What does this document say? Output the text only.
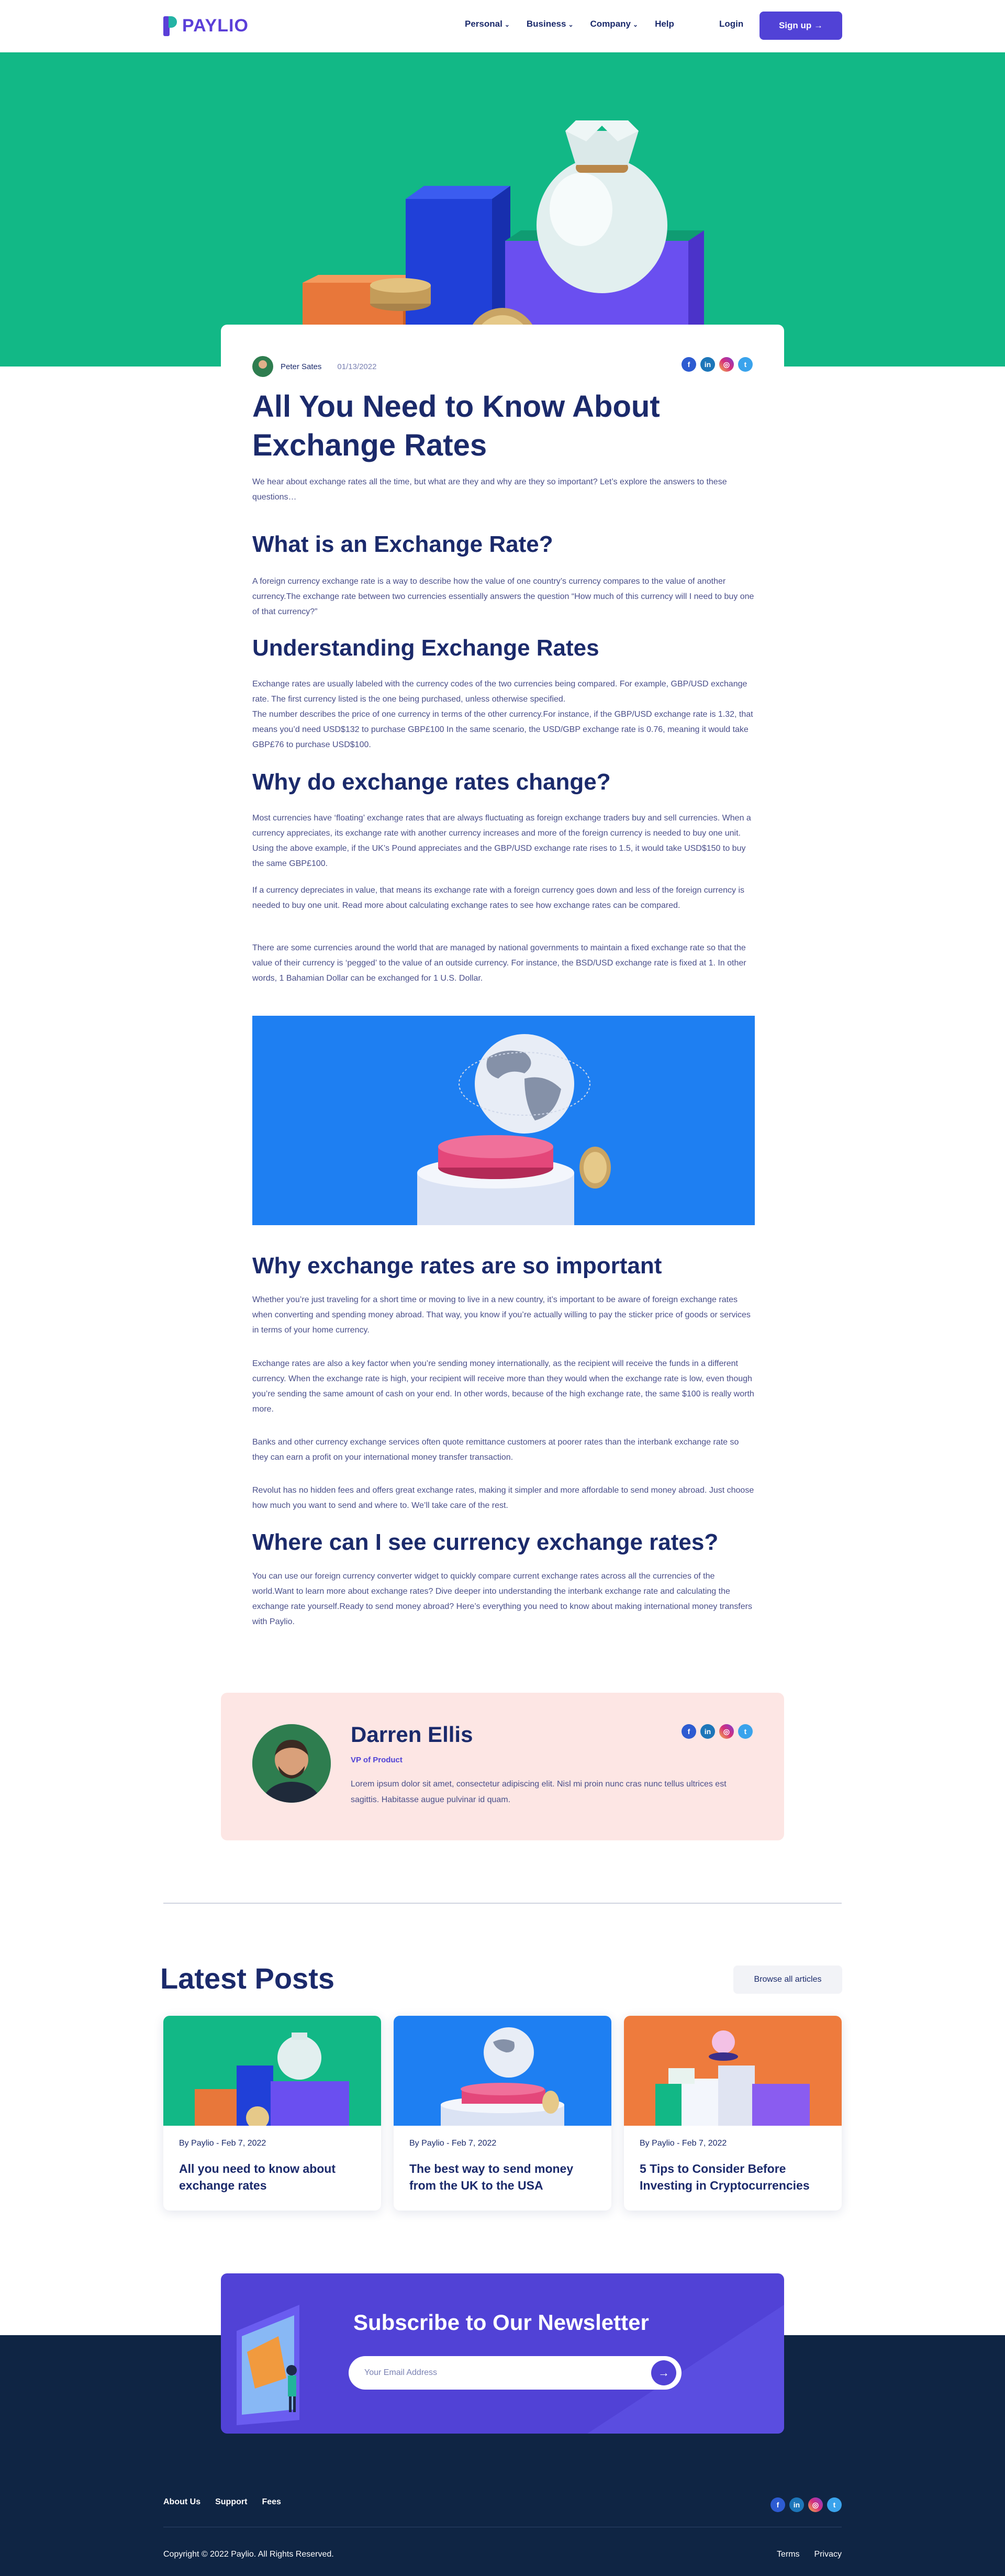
PAYLIO	Personal ⌄ Business ⌄ Company ⌄ Help	Login	Sign up →
Peter Sates 01/13/2022	f	in	◎	t
All You Need to Know About Exchange Rates

We hear about exchange rates all the time, but what are they and why are they so important? Let’s explore the answers to these questions…

What is an Exchange Rate?

A foreign currency exchange rate is a way to describe how the value of one country’s currency compares to the value of another currency.The exchange rate between two currencies essentially answers the question “How much of this currency will I need to buy one of that currency?”

Understanding Exchange Rates

Exchange rates are usually labeled with the currency codes of the two currencies being compared. For example, GBP/USD exchange rate. The first currency listed is the one being purchased, unless otherwise specified.

The number describes the price of one currency in terms of the other currency.For instance, if the GBP/USD exchange rate is 1.32, that means you’d need USD$132 to purchase GBP£100 In the same scenario, the USD/GBP exchange rate is 0.76, meaning it would take GBP£76 to purchase USD$100.

Why do exchange rates change?

Most currencies have ‘floating’ exchange rates that are always fluctuating as foreign exchange traders buy and sell currencies. When a currency appreciates, its exchange rate with another currency increases and more of the foreign currency is needed to buy one unit. Using the above example, if the UK’s Pound appreciates and the GBP/USD exchange rate rises to 1.5, it would take USD$150 to buy the same GBP£100.

If a currency depreciates in value, that means its exchange rate with a foreign currency goes down and less of the foreign currency is needed to buy one unit. Read more about calculating exchange rates to see how exchange rates can be compared.

There are some currencies around the world that are managed by national governments to maintain a fixed exchange rate so that the value of their currency is ‘pegged’ to the value of an outside currency. For instance, the BSD/USD exchange rate is fixed at 1. In other words, 1 Bahamian Dollar can be exchanged for 1 U.S. Dollar.

Why exchange rates are so important

Whether you’re just traveling for a short time or moving to live in a new country, it’s important to be aware of foreign exchange rates when converting and spending money abroad. That way, you know if you’re actually willing to pay the sticker price of goods or services in terms of your home currency.

Exchange rates are also a key factor when you’re sending money internationally, as the recipient will receive the funds in a different currency. When the exchange rate is high, your recipient will receive more than they would when the exchange rate is low, even though you’re sending the same amount of cash on your end. In other words, because of the high exchange rate, the same $100 is really worth more.

Banks and other currency exchange services often quote remittance customers at poorer rates than the interbank exchange rate so they can earn a profit on your international money transfer transaction.

Revolut has no hidden fees and offers great exchange rates, making it simpler and more affordable to send money abroad. Just choose how much you want to send and where to. We’ll take care of the rest.

Where can I see currency exchange rates?

You can use our foreign currency converter widget to quickly compare current exchange rates across all the currencies of the world.Want to learn more about exchange rates? Dive deeper into understanding the interbank exchange rate and calculating the exchange rate yourself.Ready to send money abroad? Here’s everything you need to know about making international money transfers with Paylio.

Darren Ellis
VP of Product
Lorem ipsum dolor sit amet, consectetur adipiscing elit. Nisl mi proin nunc cras nunc tellus ultrices est sagittis. Habitasse augue pulvinar id quam.
f	in	◎	t
Latest Posts	Browse all articles
By Paylio - Feb 7, 2022
All you need to know about exchange rates
By Paylio - Feb 7, 2022
The best way to send money from the UK to the USA
By Paylio - Feb 7, 2022
5 Tips to Consider Before Investing in Cryptocurrencies
Subscribe to Our Newsletter
Your Email Address
→
About Us Support Fees	f	in	◎	t
Copyright © 2022 Paylio. All Rights Reserved.	Terms Privacy
